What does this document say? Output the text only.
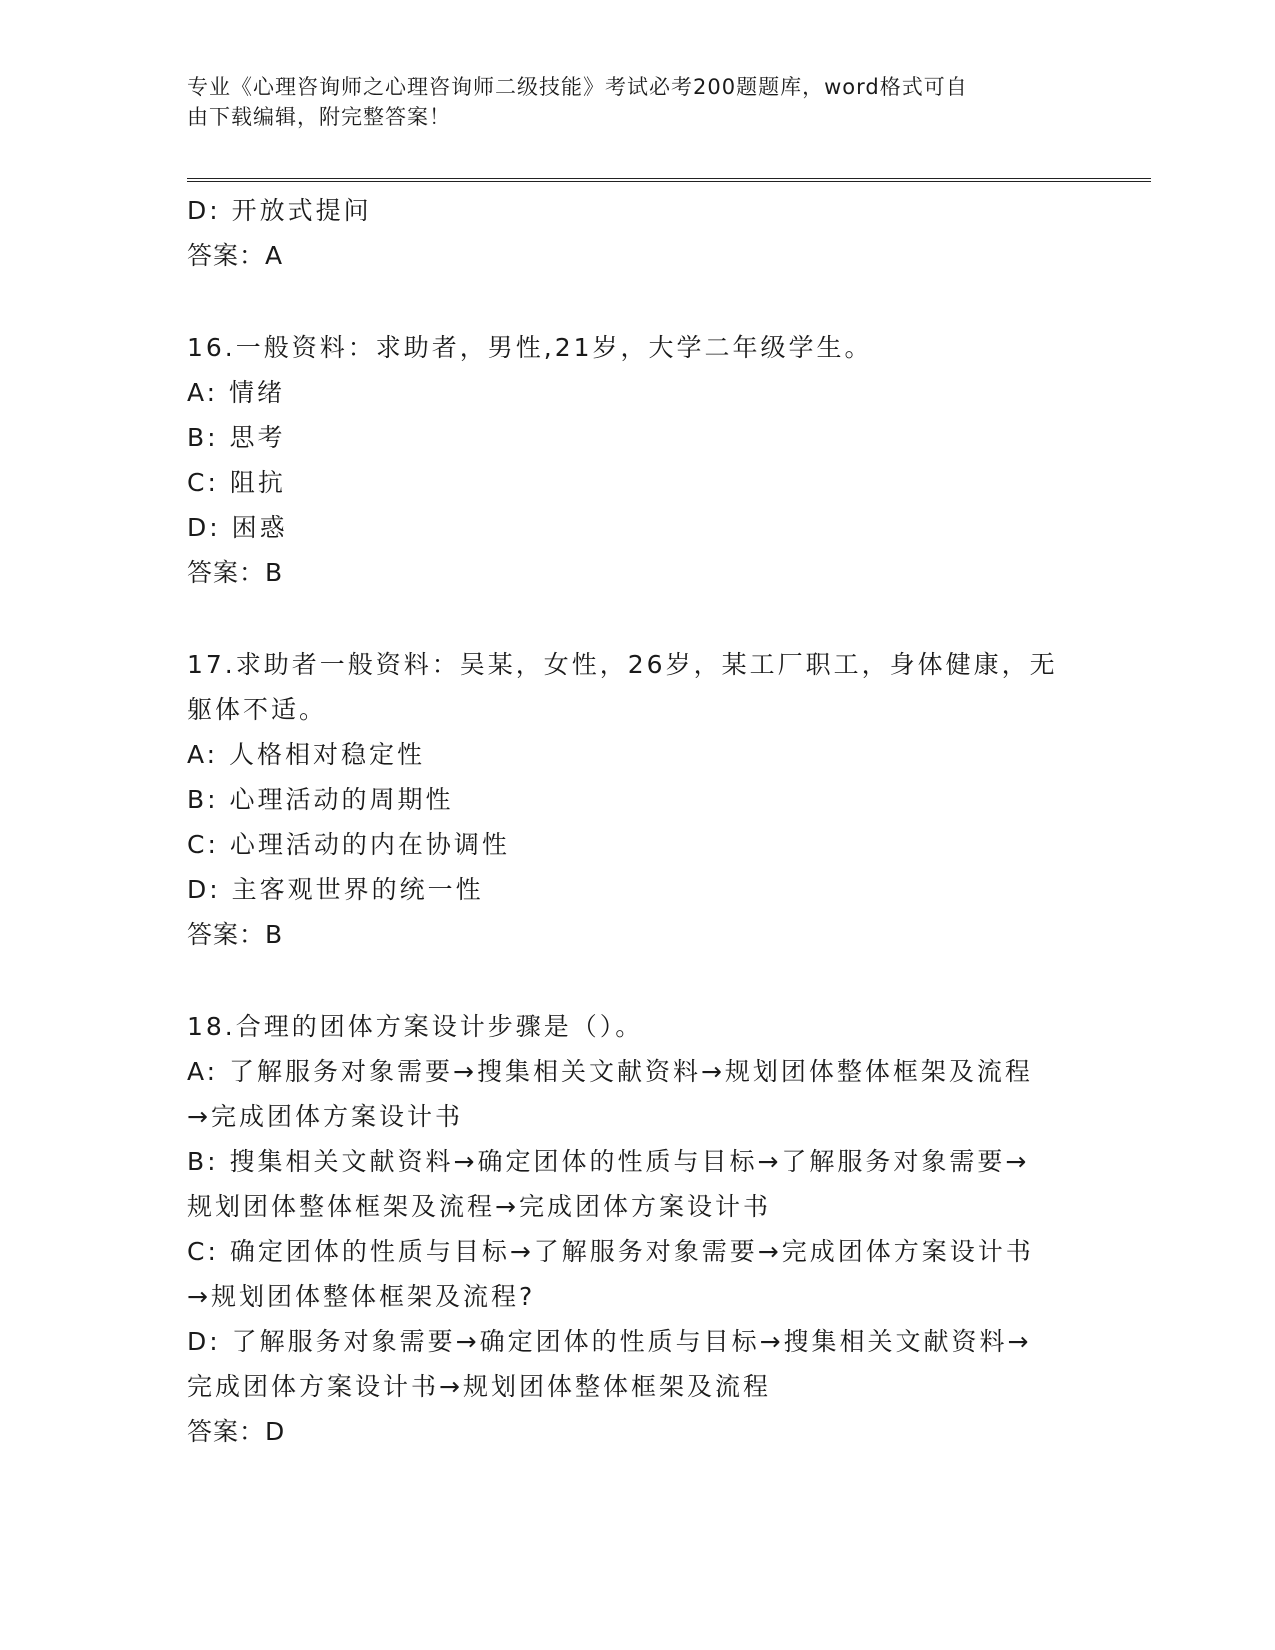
专业《心理咨询师之心理咨询师二级技能》考试必考200题题库，word格式可自
由下载编辑，附完整答案！
D: 开放式提问
答案：A
16.一般资料：求助者，男性,21岁，大学二年级学生。
A: 情绪
B: 思考
C: 阻抗
D: 困惑
答案：B
17.求助者一般资料：吴某，女性，26岁，某工厂职工，身体健康，无
躯体不适。
A: 人格相对稳定性
B: 心理活动的周期性
C: 心理活动的内在协调性
D: 主客观世界的统一性
答案：B
18.合理的团体方案设计步骤是（）。
A: 了解服务对象需要→搜集相关文献资料→规划团体整体框架及流程
→完成团体方案设计书
B: 搜集相关文献资料→确定团体的性质与目标→了解服务对象需要→
规划团体整体框架及流程→完成团体方案设计书
C: 确定团体的性质与目标→了解服务对象需要→完成团体方案设计书
→规划团体整体框架及流程?
D: 了解服务对象需要→确定团体的性质与目标→搜集相关文献资料→
完成团体方案设计书→规划团体整体框架及流程
答案：D
